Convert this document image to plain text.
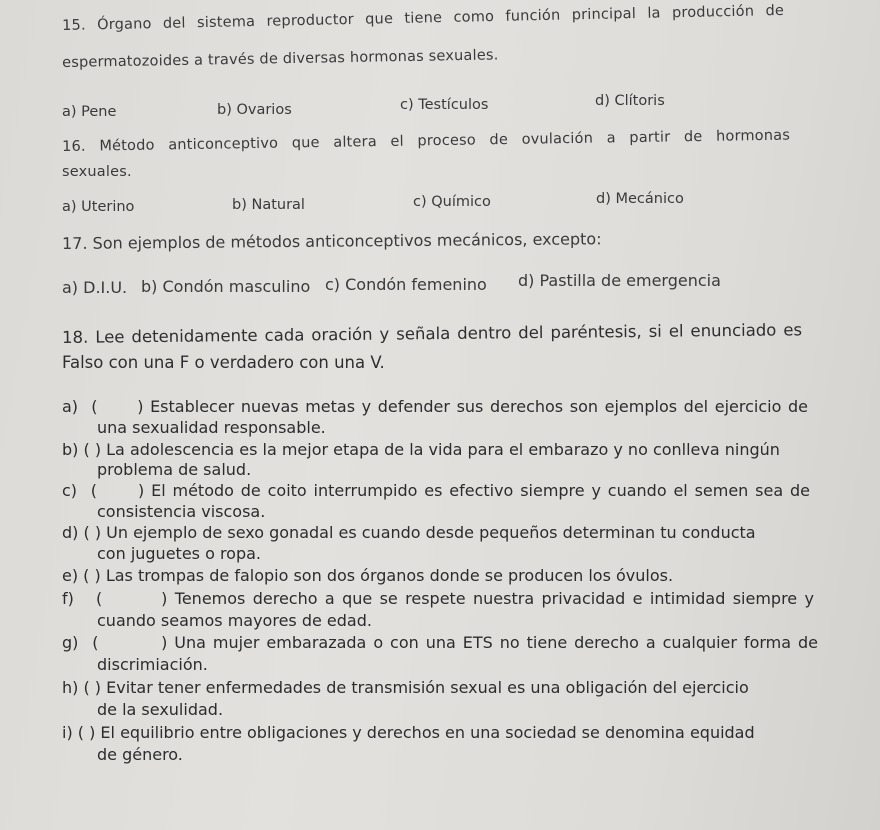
15. Órgano del sistema reproductor que tiene como función principal la producción de
espermatozoides a través de diversas hormonas sexuales.
a) Pene	b) Ovarios	c) Testículos	d) Clítoris
16. Método anticonceptivo que altera el proceso de ovulación a partir de hormonas
sexuales.
a) Uterino	b) Natural	c) Químico	d) Mecánico
17. Son ejemplos de métodos anticonceptivos mecánicos, excepto:
a) D.I.U. b) Condón masculino c) Condón femenino d) Pastilla de emergencia
18. Lee detenidamente cada oración y señala dentro del paréntesis, si el enunciado es
Falso con una F o verdadero con una V.
a)  (      ) Establecer nuevas metas y defender sus derechos son ejemplos del ejercicio de
una sexualidad responsable.
b) ( ) La adolescencia es la mejor etapa de la vida para el embarazo y no conlleva ningún
problema de salud.
c)  (      ) El método de coito interrumpido es efectivo siempre y cuando el semen sea de
consistencia viscosa.
d) ( ) Un ejemplo de sexo gonadal es cuando desde pequeños determinan tu conducta
con juguetes o ropa.
e) ( ) Las trompas de falopio son dos órganos donde se producen los óvulos.
f)   (        ) Tenemos derecho a que se respete nuestra privacidad e intimidad siempre y
cuando seamos mayores de edad.
g)  (         ) Una mujer embarazada o con una ETS no tiene derecho a cualquier forma de
discrimiación.
h) ( ) Evitar tener enfermedades de transmisión sexual es una obligación del ejercicio
de la sexulidad.
i) ( ) El equilibrio entre obligaciones y derechos en una sociedad se denomina equidad
de género.
